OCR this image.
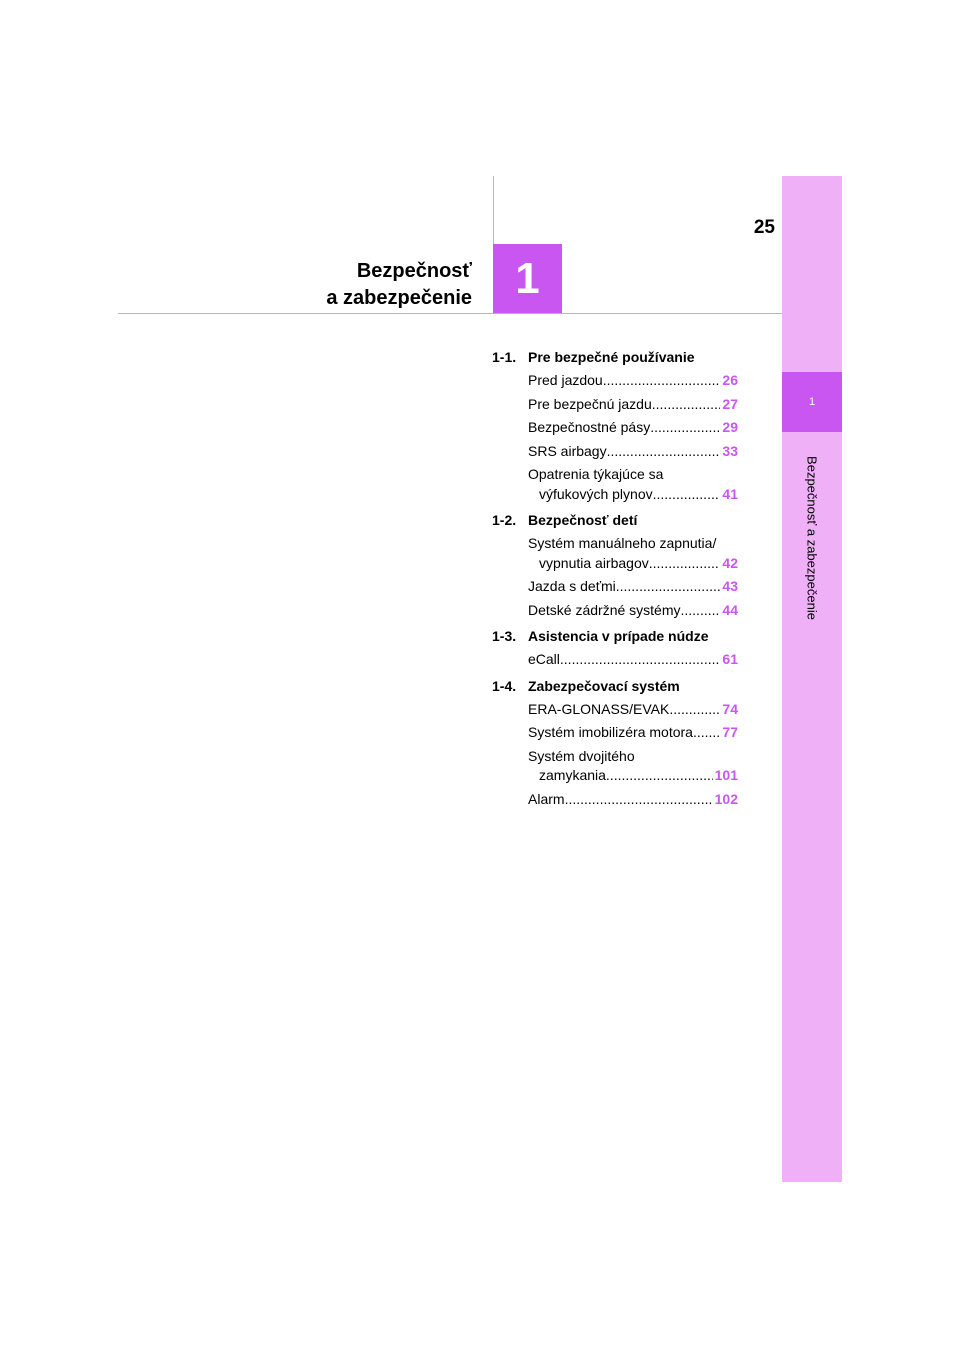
1
Bezpečnosť a zabezpečenie
25
1
Bezpečnosť
a zabezpečenie
1-1. Pre bezpečné používanie
Pred jazdou .....	26
Pre bezpečnú jazdu .....	27
Bezpečnostné pásy .....	29
SRS airbagy .....	33
Opatrenia týkajúce sa
výfukových plynov .....	41
1-2. Bezpečnosť detí
Systém manuálneho zapnutia/
vypnutia airbagov .....	42
Jazda s deťmi .....	43
Detské zádržné systémy .....	44
1-3. Asistencia v prípade núdze
eCall .....	61
1-4. Zabezpečovací systém
ERA-GLONASS/EVAK .....	74
Systém imobilizéra motora ..... 77
Systém dvojitého
zamykania .....	101
Alarm .....	102
